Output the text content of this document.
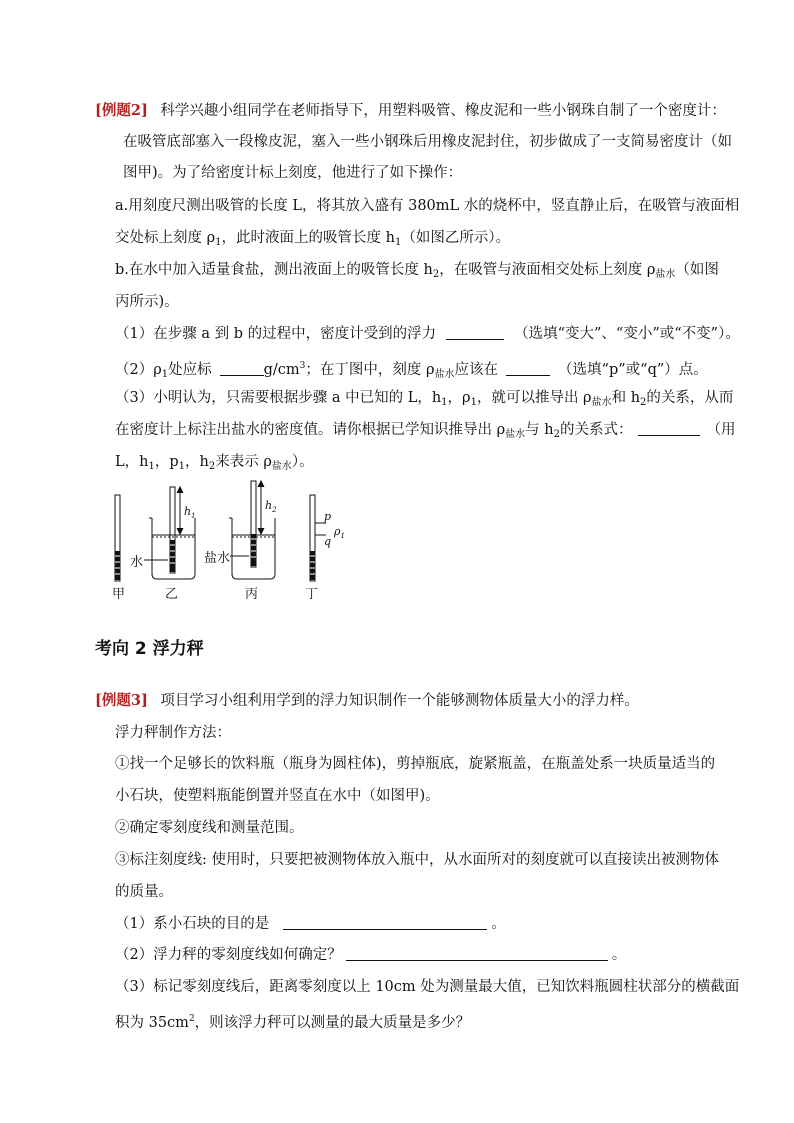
[例题2] 科学兴趣小组同学在老师指导下，用塑料吸管、橡皮泥和一些小钢珠自制了一个密度计：
在吸管底部塞入一段橡皮泥，塞入一些小钢珠后用橡皮泥封住，初步做成了一支简易密度计（如
图甲)。为了给密度计标上刻度，他进行了如下操作：
a.用刻度尺测出吸管的长度 L，将其放入盛有 380mL 水的烧杯中，竖直静止后，在吸管与液面相
交处标上刻度 $\rho_1$，此时液面上的吸管长度 $h_1$（如图乙所示）。
b.在水中加入适量食盐，测出液面上的吸管长度 $h_2$，在吸管与液面相交处标上刻度 $\rho_{盐水}$（如图
丙所示)。
（1）在步骤 a 到 b 的过程中，密度计受到的浮力	（选填“变大”、“变小”或“不变”）。
$(2)\rho_1$处应标	$g/cm^3$；在丁图中，刻度 $\rho_{盐水}$应该在	（选填“p”或“q”）点。
（3）小明认为，只需要根据步骤 a 中已知的 L，$h_1$，$\rho_1$，就可以推导出 $\rho_{盐水}$和 $h_2$的关系，从而
在密度计上标注出盐水的密度值。请你根据已学知识推导出 $\rho_{盐水}$与 $h_2$的关系式：	（用
L，$h_1$，$p_1$，$h_2$来表示 $\rho_{盐水}$）。
甲	乙	丙	丁
水	盐水
$h_1$
$h_2$	p
q
$\rho_1$
考向 2 浮力秤
[例题3] 项目学习小组利用学到的浮力知识制作一个能够测物体质量大小的浮力样。
浮力秤制作方法：
①找一个足够长的饮料瓶（瓶身为圆柱体)，剪掉瓶底，旋紧瓶盖，在瓶盖处系一块质量适当的
小石块，使塑料瓶能倒置并竖直在水中（如图甲)。
②确定零刻度线和测量范围。
③标注刻度线: 使用时，只要把被测物体放入瓶中，从水面所对的刻度就可以直接读出被测物体
的质量。
（1）系小石块的目的是	。
（2）浮力秤的零刻度线如何确定？	。
（3）标记零刻度线后，距离零刻度以上 10cm 处为测量最大值，已知饮料瓶圆柱状部分的横截面
积为 $35cm^2$，则该浮力秤可以测量的最大质量是多少？
